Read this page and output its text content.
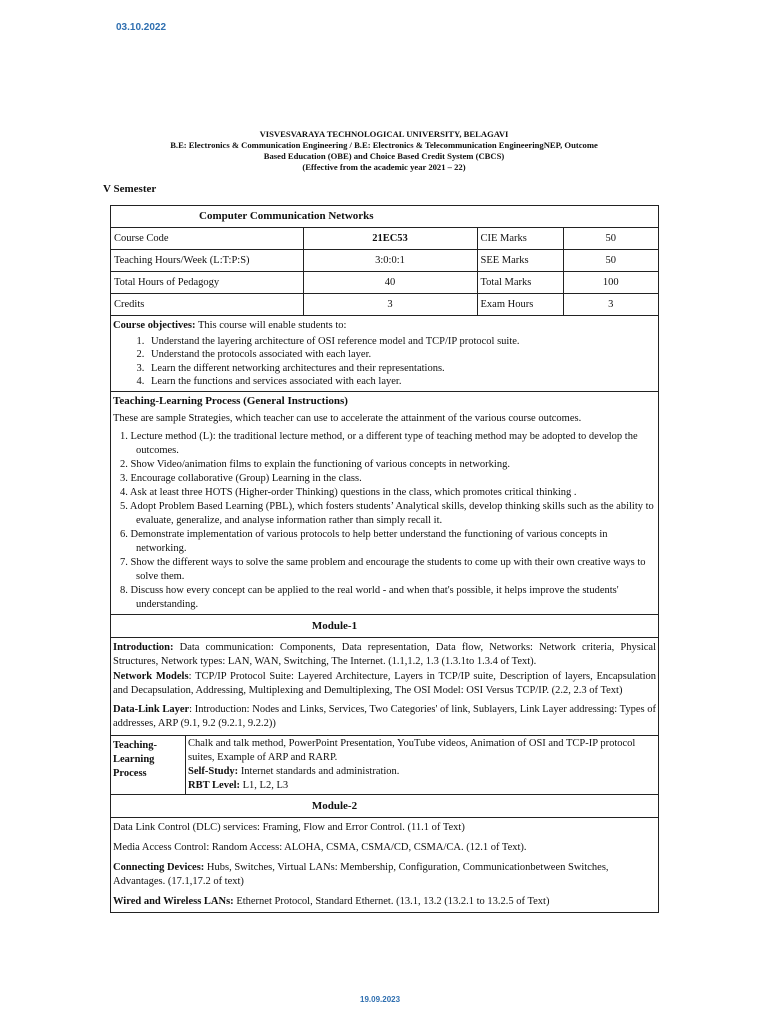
03.10.2022
VISVESVARAYA TECHNOLOGICAL UNIVERSITY, BELAGAVI
B.E: Electronics & Communication Engineering / B.E: Electronics & Telecommunication EngineeringNEP, Outcome
Based Education (OBE) and Choice Based Credit System (CBCS)
(Effective from the academic year 2021 – 22)
V Semester
Computer Communication Networks
Course Code	21EC53	CIE Marks	50
Teaching Hours/Week (L:T:P:S)	3:0:0:1	SEE Marks	50
Total Hours of Pedagogy	40	Total Marks	100
Credits	3	Exam Hours	3
Course objectives: This course will enable students to:
1. Understand the layering architecture of OSI reference model and TCP/IP protocol suite.
2. Understand the protocols associated with each layer.
3. Learn the different networking architectures and their representations.
4. Learn the functions and services associated with each layer.
Teaching-Learning Process (General Instructions)
These are sample Strategies, which teacher can use to accelerate the attainment of the various course outcomes.
1. Lecture method (L): the traditional lecture method, or a different type of teaching method may be adopted to develop the outcomes.
2. Show Video/animation films to explain the functioning of various concepts in networking.
3. Encourage collaborative (Group) Learning in the class.
4. Ask at least three HOTS (Higher-order Thinking) questions in the class, which promotes critical thinking .
5. Adopt Problem Based Learning (PBL), which fosters students’ Analytical skills, develop thinking skills such as the ability to evaluate, generalize, and analyse information rather than simply recall it.
6. Demonstrate implementation of various protocols to help better understand the functioning of various concepts in networking.
7. Show the different ways to solve the same problem and encourage the students to come up with their own creative ways to solve them.
8. Discuss how every concept can be applied to the real world - and when that's possible, it helps improve the students' understanding.
Module-1
Introduction: Data communication: Components, Data representation, Data flow, Networks: Network criteria, Physical Structures, Network types: LAN, WAN, Switching, The Internet. (1.1,1.2, 1.3 (1.3.1to 1.3.4 of Text).
Network Models: TCP/IP Protocol Suite: Layered Architecture, Layers in TCP/IP suite, Description of layers, Encapsulation and Decapsulation, Addressing, Multiplexing and Demultiplexing, The OSI Model: OSI Versus TCP/IP. (2.2, 2.3 of Text)
Data-Link Layer: Introduction: Nodes and Links, Services, Two Categories' of link, Sublayers, Link Layer addressing: Types of addresses, ARP (9.1, 9.2 (9.2.1, 9.2.2))
Teaching-Learning Process	
Chalk and talk method, PowerPoint Presentation, YouTube videos, Animation of OSI and TCP-IP protocol suites, Example of ARP and RARP.
Self-Study: Internet standards and administration.
RBT Level: L1, L2, L3
Module-2
Data Link Control (DLC) services: Framing, Flow and Error Control. (11.1 of Text)
Media Access Control: Random Access: ALOHA, CSMA, CSMA/CD, CSMA/CA. (12.1 of Text).
Connecting Devices: Hubs, Switches, Virtual LANs: Membership, Configuration, Communicationbetween Switches, Advantages. (17.1,17.2 of text)
Wired and Wireless LANs: Ethernet Protocol, Standard Ethernet. (13.1, 13.2 (13.2.1 to 13.2.5 of Text)
19.09.2023
